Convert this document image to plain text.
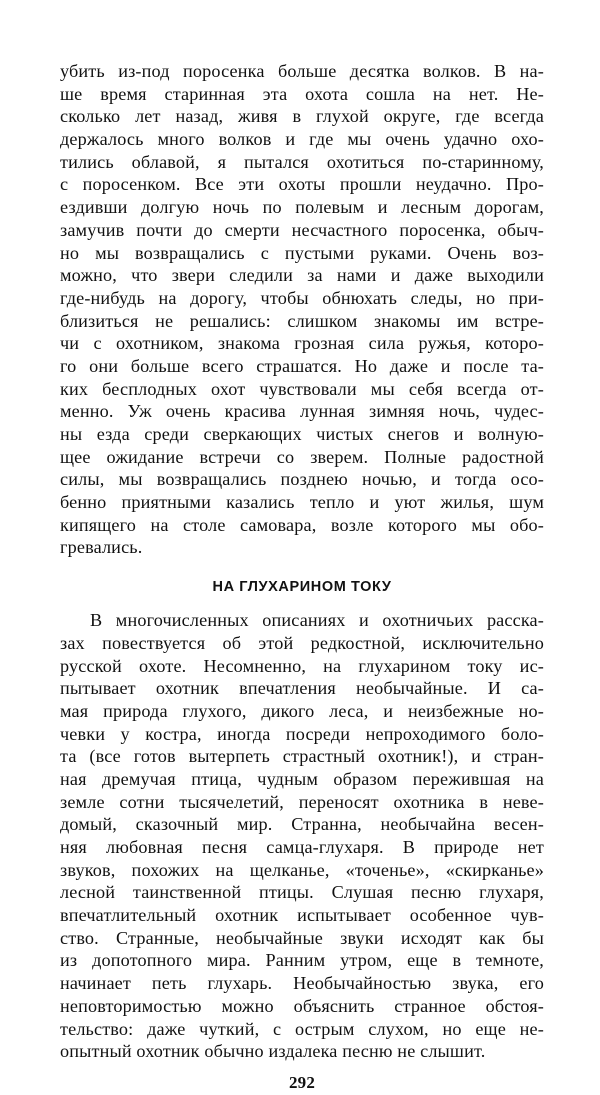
убить из-под поросенка больше десятка волков. В на-
ше время старинная эта охота сошла на нет. Не-
сколько лет назад, живя в глухой округе, где всегда
держалось много волков и где мы очень удачно охо-
тились облавой, я пытался охотиться по-старинному,
с поросенком. Все эти охоты прошли неудачно. Про-
ездивши долгую ночь по полевым и лесным дорогам,
замучив почти до смерти несчастного поросенка, обыч-
но мы возвращались с пустыми руками. Очень воз-
можно, что звери следили за нами и даже выходили
где-нибудь на дорогу, чтобы обнюхать следы, но при-
близиться не решались: слишком знакомы им встре-
чи с охотником, знакома грозная сила ружья, которо-
го они больше всего страшатся. Но даже и после та-
ких бесплодных охот чувствовали мы себя всегда от-
менно. Уж очень красива лунная зимняя ночь, чудес-
ны езда среди сверкающих чистых снегов и волную-
щее ожидание встречи со зверем. Полные радостной
силы, мы возвращались позднею ночью, и тогда осо-
бенно приятными казались тепло и уют жилья, шум
кипящего на столе самовара, возле которого мы обо-
гревались.
НА ГЛУХАРИНОМ ТОКУ
В многочисленных описаниях и охотничьих расска-
зах повествуется об этой редкостной, исключительно
русской охоте. Несомненно, на глухарином току ис-
пытывает охотник впечатления необычайные. И са-
мая природа глухого, дикого леса, и неизбежные но-
чевки у костра, иногда посреди непроходимого боло-
та (все готов вытерпеть страстный охотник!), и стран-
ная дремучая птица, чудным образом пережившая на
земле сотни тысячелетий, переносят охотника в неве-
домый, сказочный мир. Странна, необычайна весен-
няя любовная песня самца-глухаря. В природе нет
звуков, похожих на щелканье, «точенье», «скирканье»
лесной таинственной птицы. Слушая песню глухаря,
впечатлительный охотник испытывает особенное чув-
ство. Странные, необычайные звуки исходят как бы
из допотопного мира. Ранним утром, еще в темноте,
начинает петь глухарь. Необычайностью звука, его
неповторимостью можно объяснить странное обстоя-
тельство: даже чуткий, с острым слухом, но еще не-
опытный охотник обычно издалека песню не слышит.
292
